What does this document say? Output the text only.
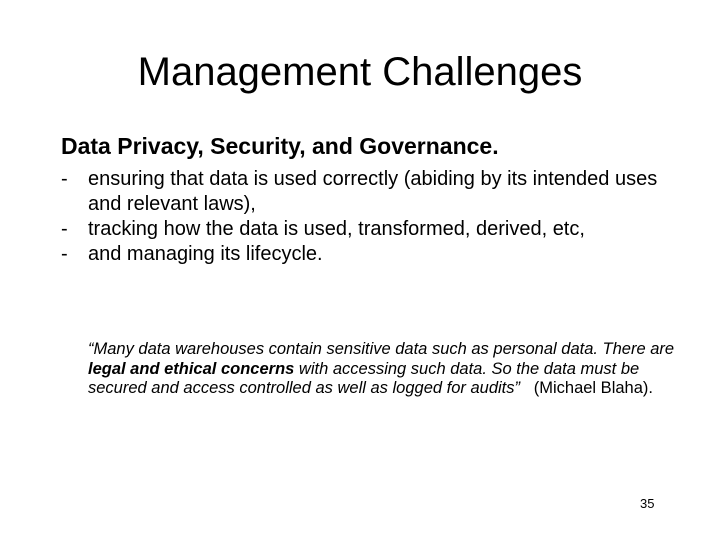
Management Challenges

Data Privacy, Security, and Governance.

- ensuring that data is used correctly (abiding by its intended uses and relevant laws),
- tracking how the data is used, transformed, derived, etc,
- and managing its lifecycle.

“Many data warehouses contain sensitive data such as personal data. There are legal and ethical concerns with accessing such data. So the data must be secured and access controlled as well as logged for audits”   (Michael Blaha).

35
